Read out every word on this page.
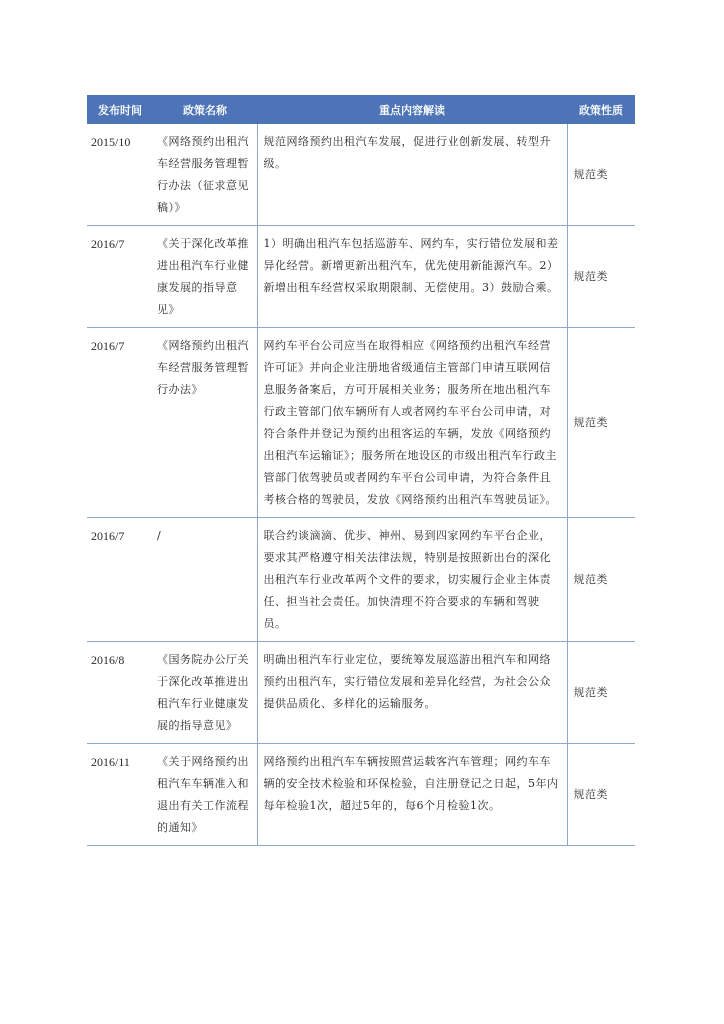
发布时间	政策名称	重点内容解读	政策性质
2015/10	《网络预约出租汽车经营服务管理暂行办法（征求意见稿）》	规范网络预约出租汽车发展，促进行业创新发展、转型升级。	规范类
2016/7	《关于深化改革推进出租汽车行业健康发展的指导意见》	1）明确出租汽车包括巡游车、网约车，实行错位发展和差异化经营。新增更新出租汽车，优先使用新能源汽车。2）新增出租车经营权采取期限制、无偿使用。3）鼓励合乘。	规范类
2016/7	《网络预约出租汽车经营服务管理暂行办法》	网约车平台公司应当在取得相应《网络预约出租汽车经营许可证》并向企业注册地省级通信主管部门申请互联网信息服务备案后，方可开展相关业务；服务所在地出租汽车行政主管部门依车辆所有人或者网约车平台公司申请，对符合条件并登记为预约出租客运的车辆，发放《网络预约出租汽车运输证》；服务所在地设区的市级出租汽车行政主管部门依驾驶员或者网约车平台公司申请，为符合条件且考核合格的驾驶员，发放《网络预约出租汽车驾驶员证》。	规范类
2016/7	/	联合约谈滴滴、优步、神州、易到四家网约车平台企业，要求其严格遵守相关法律法规，特别是按照新出台的深化出租汽车行业改革两个文件的要求，切实履行企业主体责任、担当社会责任。加快清理不符合要求的车辆和驾驶员。	规范类
2016/8	《国务院办公厅关于深化改革推进出租汽车行业健康发展的指导意见》	明确出租汽车行业定位，要统筹发展巡游出租汽车和网络预约出租汽车，实行错位发展和差异化经营，为社会公众提供品质化、多样化的运输服务。	规范类
2016/11	《关于网络预约出租汽车车辆准入和退出有关工作流程的通知》	网络预约出租汽车车辆按照营运载客汽车管理；网约车车辆的安全技术检验和环保检验，自注册登记之日起，5年内每年检验1次，超过5年的，每6个月检验1次。	规范类
